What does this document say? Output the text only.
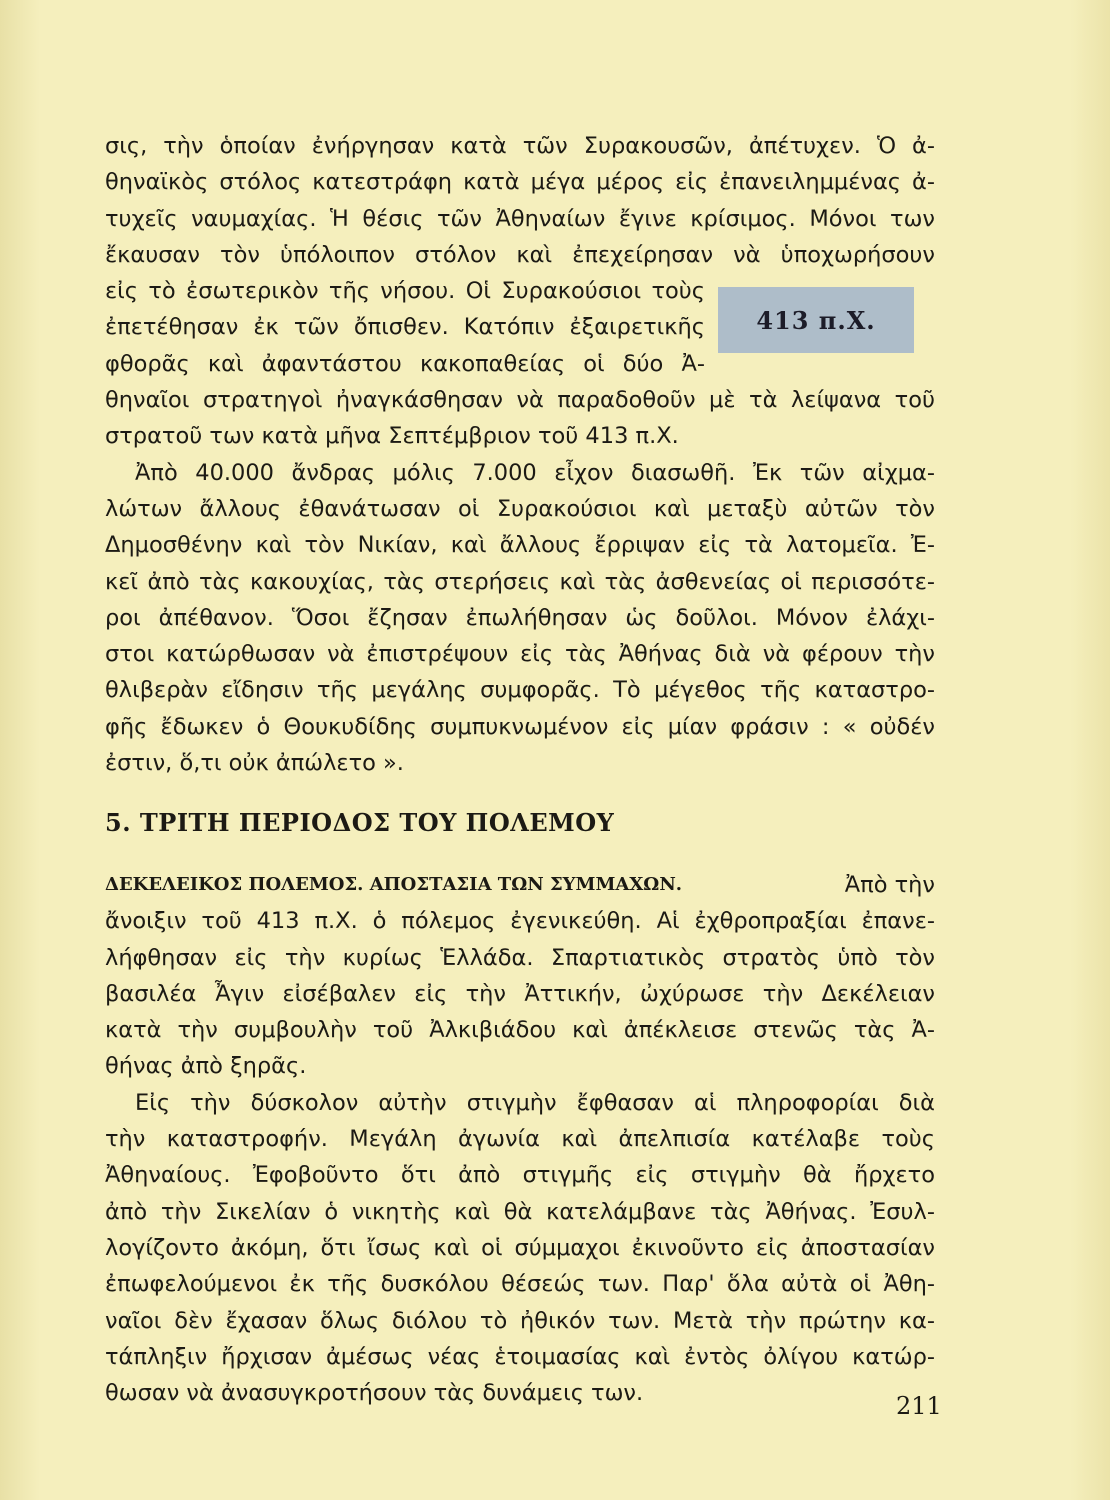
413 π.Χ.
σις, τὴν ὁποίαν ἐνήργησαν κατὰ τῶν Συρακουσῶν, ἀπέτυχεν. Ὁ ἀ-
θηναϊκὸς στόλος κατεστράφη κατὰ μέγα μέρος εἰς ἐπανειλημμένας ἀ-
τυχεῖς ναυμαχίας. Ἡ θέσις τῶν Ἀθηναίων ἔγινε κρίσιμος. Μόνοι των
ἔκαυσαν τὸν ὑπόλοιπον στόλον καὶ ἐπεχείρησαν νὰ ὑποχωρήσουν
εἰς τὸ ἐσωτερικὸν τῆς νήσου. Οἱ Συρακούσιοι τοὺς
ἐπετέθησαν ἐκ τῶν ὄπισθεν. Κατόπιν ἐξαιρετικῆς
φθορᾶς καὶ ἀφαντάστου κακοπαθείας οἱ δύο Ἀ-
θηναῖοι στρατηγοὶ ἠναγκάσθησαν νὰ παραδοθοῦν μὲ τὰ λείψανα τοῦ
στρατοῦ των κατὰ μῆνα Σεπτέμβριον τοῦ 413 π.Χ.
Ἀπὸ 40.000 ἄνδρας μόλις 7.000 εἶχον διασωθῆ. Ἐκ τῶν αἰχμα-
λώτων ἄλλους ἐθανάτωσαν οἱ Συρακούσιοι καὶ μεταξὺ αὐτῶν τὸν
Δημοσθένην καὶ τὸν Νικίαν, καὶ ἄλλους ἔρριψαν εἰς τὰ λατομεῖα. Ἐ-
κεῖ ἀπὸ τὰς κακουχίας, τὰς στερήσεις καὶ τὰς ἀσθενείας οἱ περισσότε-
ροι ἀπέθανον. Ὅσοι ἔζησαν ἐπωλήθησαν ὡς δοῦλοι. Μόνον ἐλάχι-
στοι κατώρθωσαν νὰ ἐπιστρέψουν εἰς τὰς Ἀθήνας διὰ νὰ φέρουν τὴν
θλιβερὰν εἴδησιν τῆς μεγάλης συμφορᾶς. Τὸ μέγεθος τῆς καταστρο-
φῆς ἔδωκεν ὁ Θουκυδίδης συμπυκνωμένον εἰς μίαν φράσιν : « οὐδέν
ἐστιν, ὅ,τι οὐκ ἀπώλετο ».
5. ΤΡΙΤΗ ΠΕΡΙΟΔΟΣ ΤΟΥ ΠΟΛΕΜΟΥ
ΔΕΚΕΛΕΙΚΟΣ ΠΟΛΕΜΟΣ. ΑΠΟΣΤΑΣΙΑ ΤΩΝ ΣΥΜΜΑΧΩΝ.	Ἀπὸ τὴν
ἄνοιξιν τοῦ 413 π.Χ. ὁ πόλεμος ἐγενικεύθη. Αἱ ἐχθροπραξίαι ἐπανε-
λήφθησαν εἰς τὴν κυρίως Ἑλλάδα. Σπαρτιατικὸς στρατὸς ὑπὸ τὸν
βασιλέα Ἆγιν εἰσέβαλεν εἰς τὴν Ἀττικήν, ὠχύρωσε τὴν Δεκέλειαν
κατὰ τὴν συμβουλὴν τοῦ Ἀλκιβιάδου καὶ ἀπέκλεισε στενῶς τὰς Ἀ-
θήνας ἀπὸ ξηρᾶς.
Εἰς τὴν δύσκολον αὐτὴν στιγμὴν ἔφθασαν αἱ πληροφορίαι διὰ
τὴν καταστροφήν. Μεγάλη ἀγωνία καὶ ἀπελπισία κατέλαβε τοὺς
Ἀθηναίους. Ἐφοβοῦντο ὅτι ἀπὸ στιγμῆς εἰς στιγμὴν θὰ ἤρχετο
ἀπὸ τὴν Σικελίαν ὁ νικητὴς καὶ θὰ κατελάμβανε τὰς Ἀθήνας. Ἐσυλ-
λογίζοντο ἀκόμη, ὅτι ἴσως καὶ οἱ σύμμαχοι ἐκινοῦντο εἰς ἀποστασίαν
ἐπωφελούμενοι ἐκ τῆς δυσκόλου θέσεώς των. Παρ' ὅλα αὐτὰ οἱ Ἀθη-
ναῖοι δὲν ἔχασαν ὅλως διόλου τὸ ἠθικόν των. Μετὰ τὴν πρώτην κα-
τάπληξιν ἤρχισαν ἀμέσως νέας ἑτοιμασίας καὶ ἐντὸς ὀλίγου κατώρ-
θωσαν νὰ ἀνασυγκροτήσουν τὰς δυνάμεις των.	211
